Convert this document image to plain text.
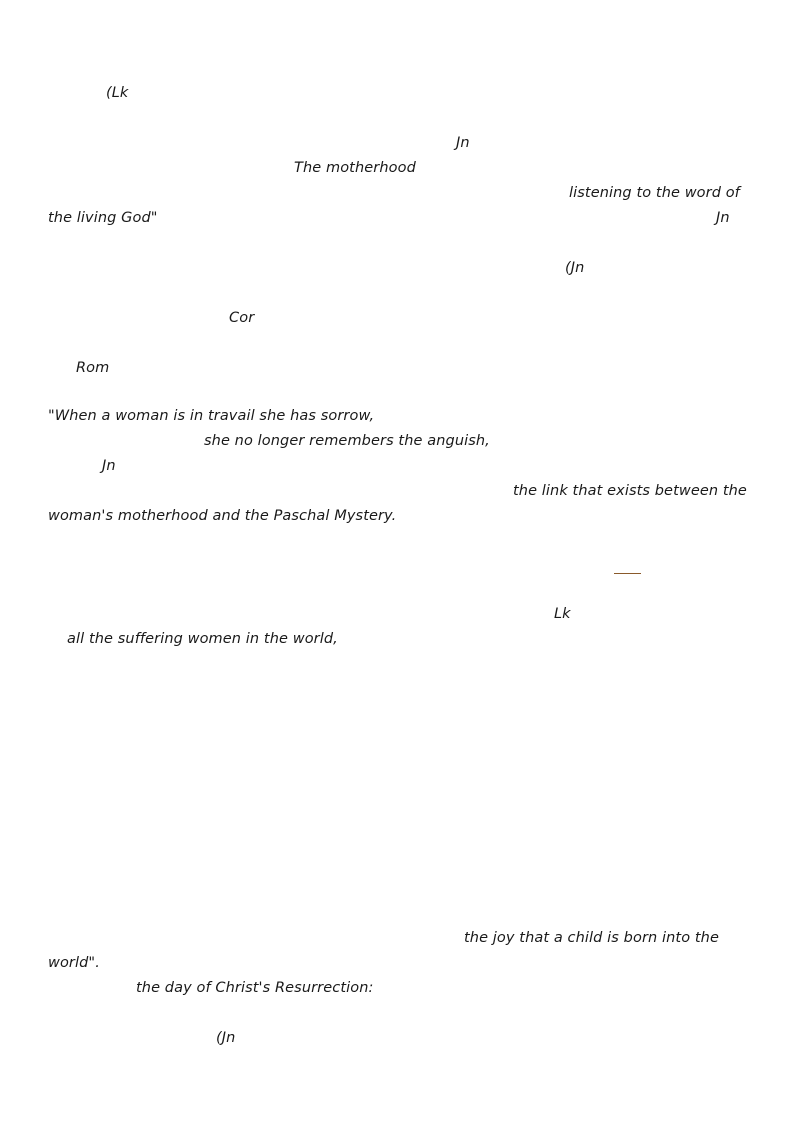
(Lk
Jn
The motherhood
listening to the word of
the living God"	Jn
(Jn
Cor
Rom
"When a woman is in travail she has sorrow,
she no longer remembers the anguish,
Jn
the link that exists between the
woman's motherhood and the Paschal Mystery.
Lk
all the suffering women in the world,
the joy that a child is born into the
world".
the day of Christ's Resurrection:
(Jn
